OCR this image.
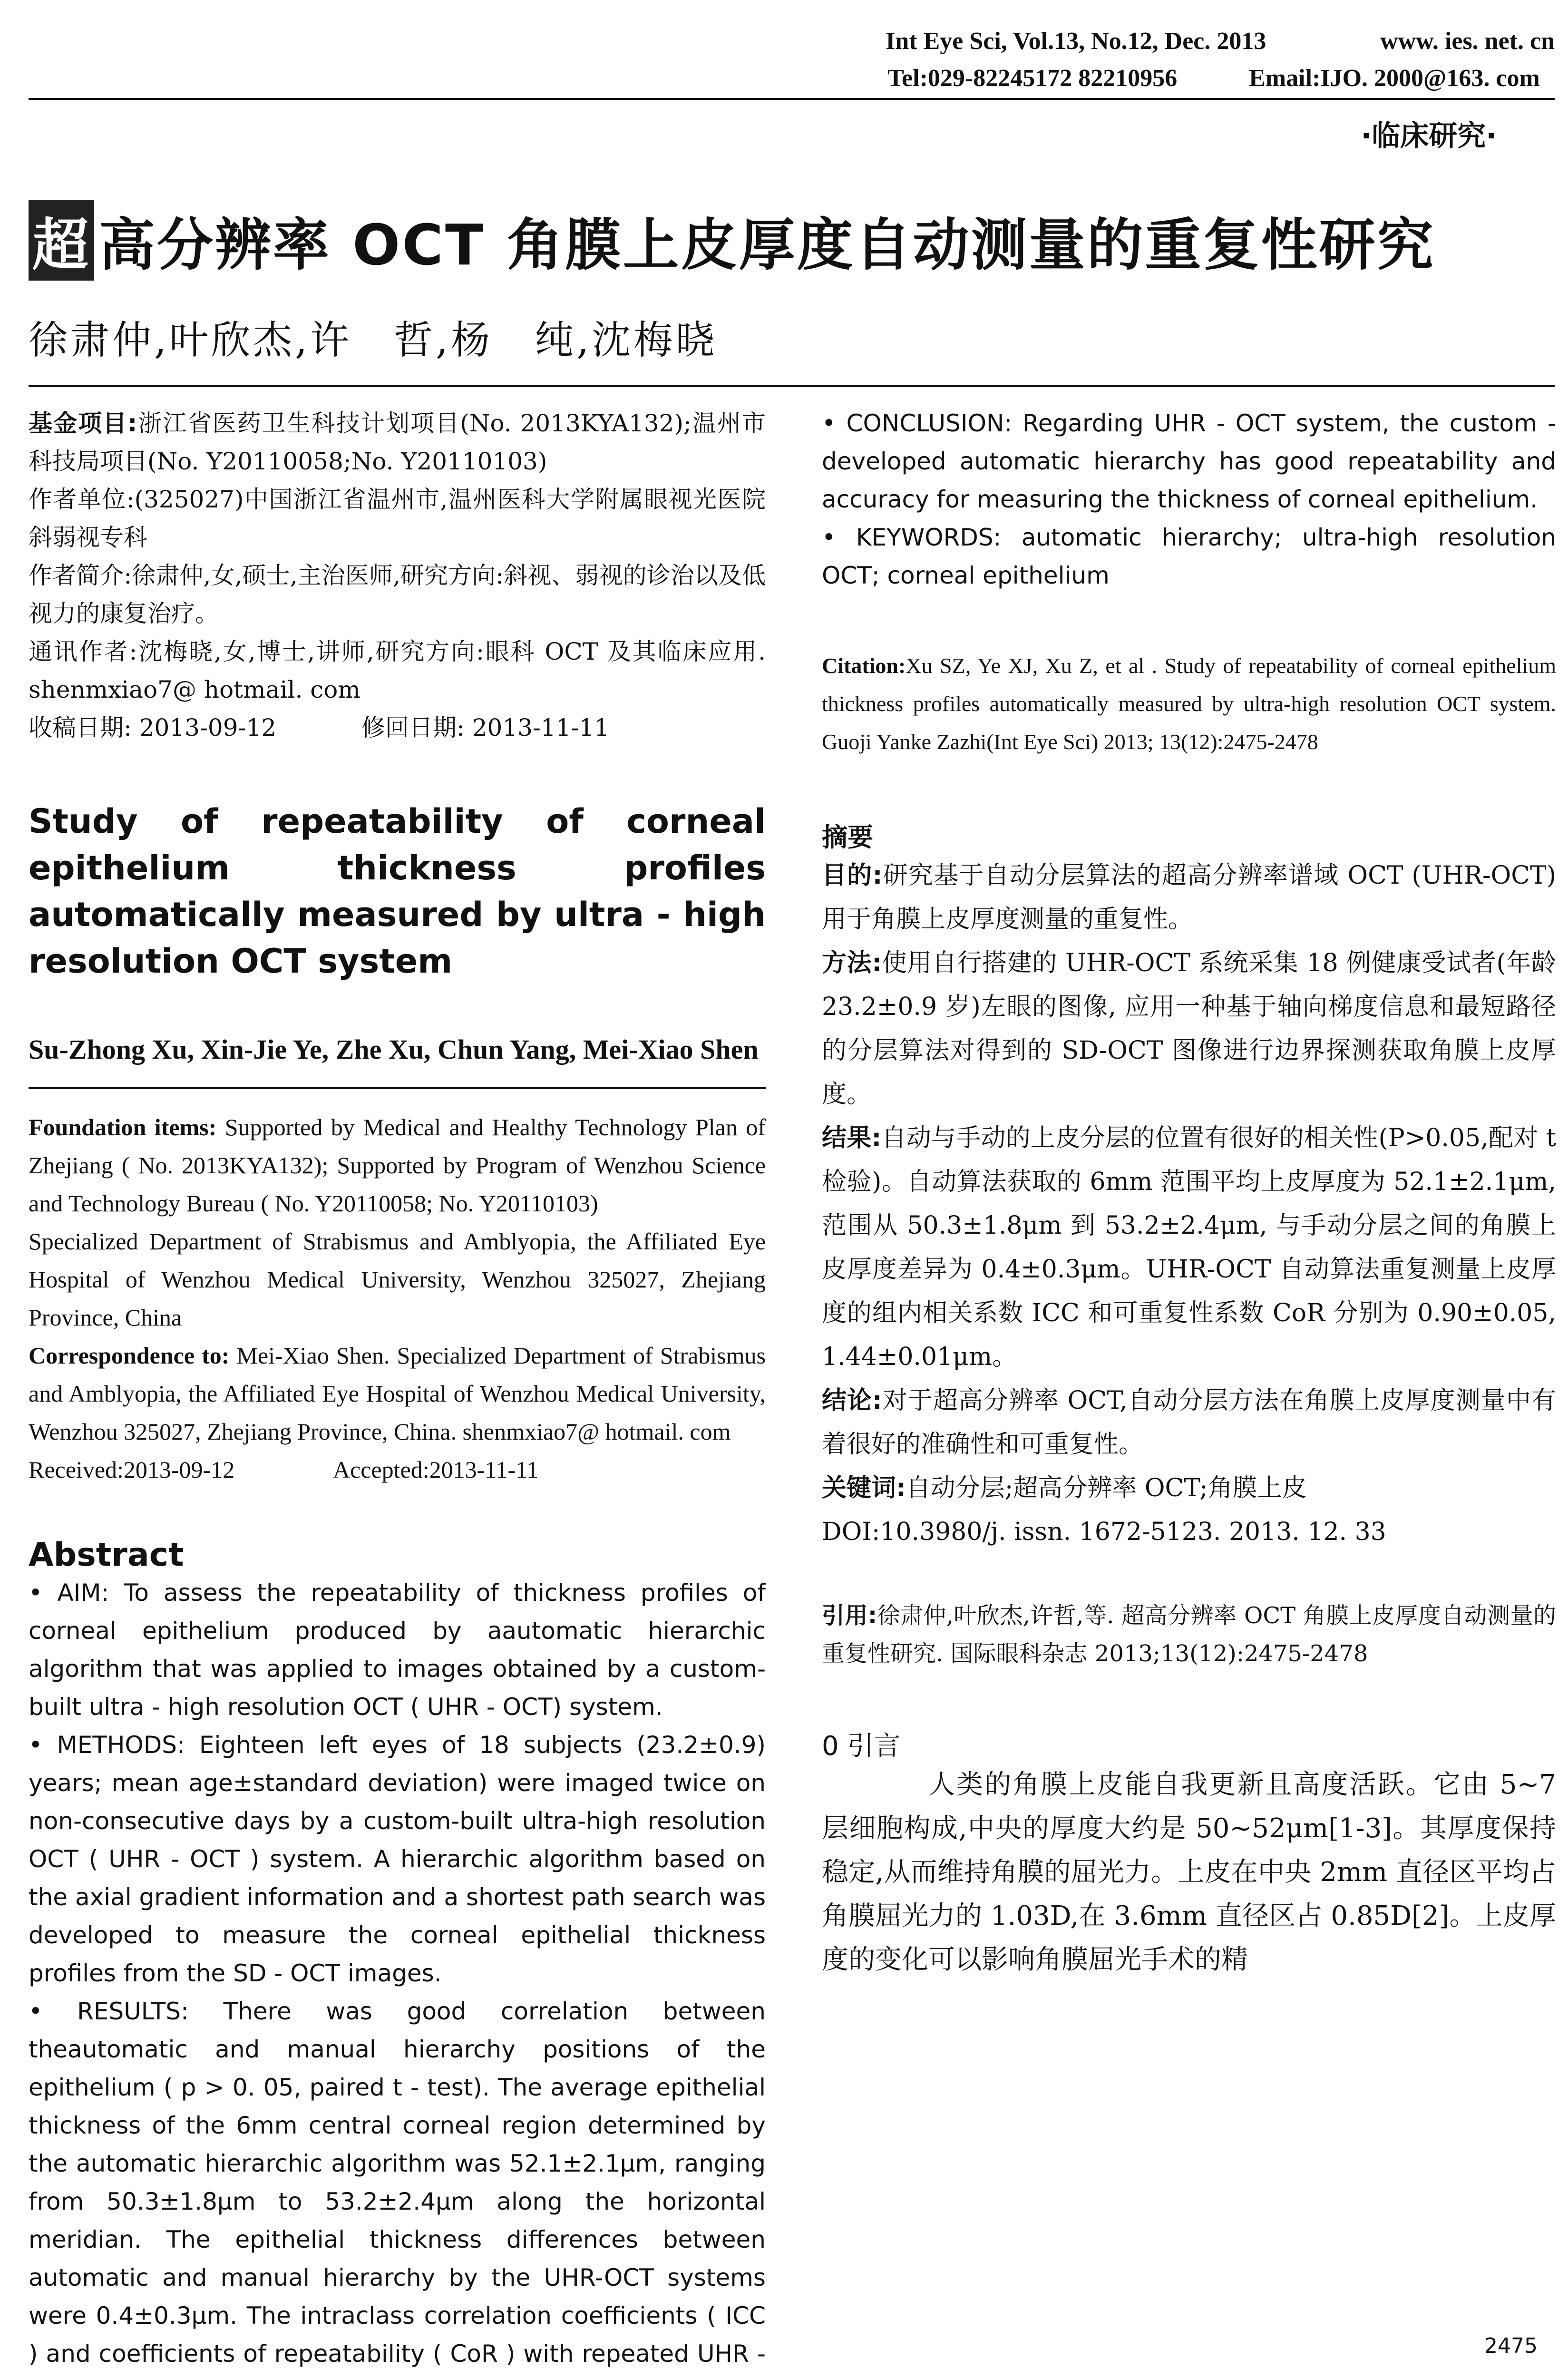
Int Eye Sci, Vol.13, No.12, Dec. 2013	www. ies. net. cn
Tel:029-82245172 82210956	Email:IJO. 2000@163. com
·临床研究·
超 高分辨率 OCT 角膜上皮厚度自动测量的重复性研究
徐肃仲,叶欣杰,许　哲,杨　纯,沈梅晓

基金项目:浙江省医药卫生科技计划项目(No. 2013KYA132);温州市科技局项目(No. Y20110058;No. Y20110103)

作者单位:(325027)中国浙江省温州市,温州医科大学附属眼视光医院斜弱视专科

作者简介:徐肃仲,女,硕士,主治医师,研究方向:斜视、弱视的诊治以及低视力的康复治疗。

通讯作者:沈梅晓,女,博士,讲师,研究方向:眼科 OCT 及其临床应用. shenmxiao7@ hotmail. com

收稿日期: 2013-09-12	修回日期: 2013-11-11

Study of repeatability of corneal epithelium thickness profiles automatically measured by ultra - high resolution OCT system
Su-Zhong Xu, Xin-Jie Ye, Zhe Xu, Chun Yang, Mei-Xiao Shen

Foundation items: Supported by Medical and Healthy Technology Plan of Zhejiang ( No. 2013KYA132); Supported by Program of Wenzhou Science and Technology Bureau ( No. Y20110058; No. Y20110103)

Specialized Department of Strabismus and Amblyopia, the Affiliated Eye Hospital of Wenzhou Medical University, Wenzhou 325027, Zhejiang Province, China

Correspondence to: Mei-Xiao Shen. Specialized Department of Strabismus and Amblyopia, the Affiliated Eye Hospital of Wenzhou Medical University, Wenzhou 325027, Zhejiang Province, China. shenmxiao7@ hotmail. com

Received:2013-09-12	Accepted:2013-11-11

Abstract

• AIM: To assess the repeatability of thickness profiles of corneal epithelium produced by aautomatic hierarchic algorithm that was applied to images obtained by a custom- built ultra - high resolution OCT ( UHR - OCT) system.

• METHODS: Eighteen left eyes of 18 subjects (23.2±0.9) years; mean age±standard deviation) were imaged twice on non-consecutive days by a custom-built ultra-high resolution OCT ( UHR - OCT ) system. A hierarchic algorithm based on the axial gradient information and a shortest path search was developed to measure the corneal epithelial thickness profiles from the SD - OCT images.

• RESULTS: There was good correlation between theautomatic and manual hierarchy positions of the epithelium ( p > 0. 05, paired t - test). The average epithelial thickness of the 6mm central corneal region determined by the automatic hierarchic algorithm was 52.1±2.1μm, ranging from 50.3±1.8μm to 53.2±2.4μm along the horizontal meridian. The epithelial thickness differences between automatic and manual hierarchy by the UHR-OCT systems were 0.4±0.3μm. The intraclass correlation coefficients ( ICC ) and coefficients of repeatability ( CoR ) with repeated UHR -

• CONCLUSION: Regarding UHR - OCT system, the custom - developed automatic hierarchy has good repeatability and accuracy for measuring the thickness of corneal epithelium.

• KEYWORDS: automatic hierarchy; ultra-high resolution OCT; corneal epithelium

Citation:Xu SZ, Ye XJ, Xu Z, et al . Study of repeatability of corneal epithelium thickness profiles automatically measured by ultra-high resolution OCT system. Guoji Yanke Zazhi(Int Eye Sci) 2013; 13(12):2475-2478
摘要

目的:研究基于自动分层算法的超高分辨率谱域 OCT (UHR-OCT)用于角膜上皮厚度测量的重复性。

方法:使用自行搭建的 UHR-OCT 系统采集 18 例健康受试者(年龄 23.2±0.9 岁)左眼的图像, 应用一种基于轴向梯度信息和最短路径的分层算法对得到的 SD-OCT 图像进行边界探测获取角膜上皮厚度。

结果:自动与手动的上皮分层的位置有很好的相关性(P>0.05,配对 t 检验)。自动算法获取的 6mm 范围平均上皮厚度为 52.1±2.1μm,范围从 50.3±1.8μm 到 53.2±2.4μm, 与手动分层之间的角膜上皮厚度差异为 0.4±0.3μm。UHR-OCT 自动算法重复测量上皮厚度的组内相关系数 ICC 和可重复性系数 CoR 分别为 0.90±0.05, 1.44±0.01μm。

结论:对于超高分辨率 OCT,自动分层方法在角膜上皮厚度测量中有着很好的准确性和可重复性。

关键词:自动分层;超高分辨率 OCT;角膜上皮

DOI:10.3980/j. issn. 1672-5123. 2013. 12. 33

引用:徐肃仲,叶欣杰,许哲,等. 超高分辨率 OCT 角膜上皮厚度自动测量的重复性研究. 国际眼科杂志 2013;13(12):2475-2478
0 引言
人类的角膜上皮能自我更新且高度活跃。它由 5~7 层细胞构成,中央的厚度大约是 50~52μm[1-3]。其厚度保持稳定,从而维持角膜的屈光力。上皮在中央 2mm 直径区平均占角膜屈光力的 1.03D,在 3.6mm 直径区占 0.85D[2]。上皮厚度的变化可以影响角膜屈光手术的精
2475
